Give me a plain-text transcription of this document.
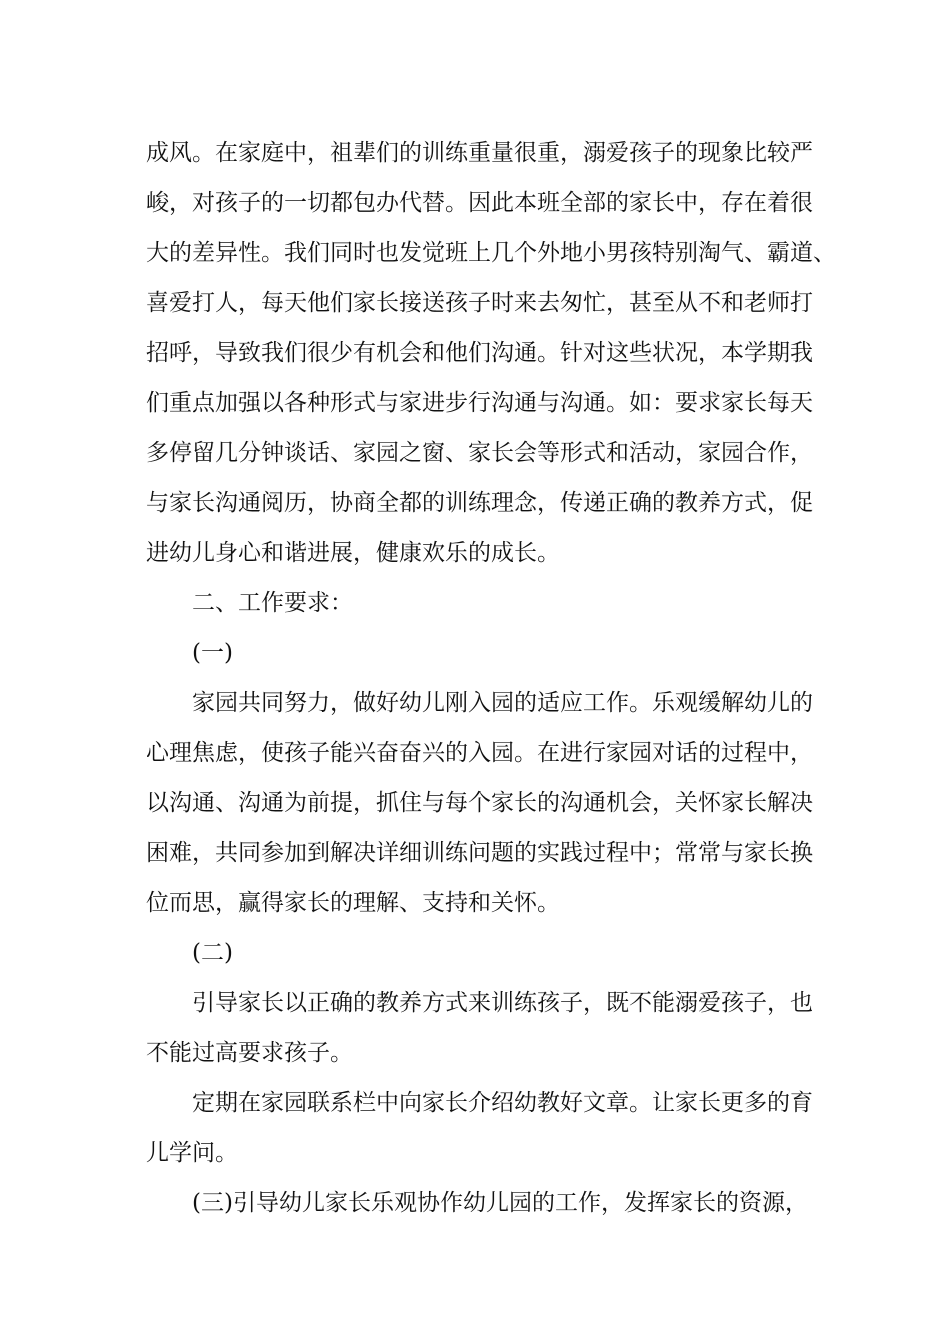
成风。在家庭中，祖辈们的训练重量很重，溺爱孩子的现象比较严
峻，对孩子的一切都包办代替。因此本班全部的家长中，存在着很
大的差异性。我们同时也发觉班上几个外地小男孩特别淘气、霸道、
喜爱打人，每天他们家长接送孩子时来去匆忙，甚至从不和老师打
招呼，导致我们很少有机会和他们沟通。针对这些状况，本学期我
们重点加强以各种形式与家进步行沟通与沟通。如：要求家长每天
多停留几分钟谈话、家园之窗、家长会等形式和活动，家园合作，
与家长沟通阅历，协商全都的训练理念，传递正确的教养方式，促
进幼儿身心和谐进展，健康欢乐的成长。
二、工作要求：
(一)
家园共同努力，做好幼儿刚入园的适应工作。乐观缓解幼儿的
心理焦虑，使孩子能兴奋奋兴的入园。在进行家园对话的过程中，
以沟通、沟通为前提，抓住与每个家长的沟通机会，关怀家长解决
困难，共同参加到解决详细训练问题的实践过程中；常常与家长换
位而思，赢得家长的理解、支持和关怀。
(二)
引导家长以正确的教养方式来训练孩子，既不能溺爱孩子，也
不能过高要求孩子。
定期在家园联系栏中向家长介绍幼教好文章。让家长更多的育
儿学问。
(三)引导幼儿家长乐观协作幼儿园的工作，发挥家长的资源，
